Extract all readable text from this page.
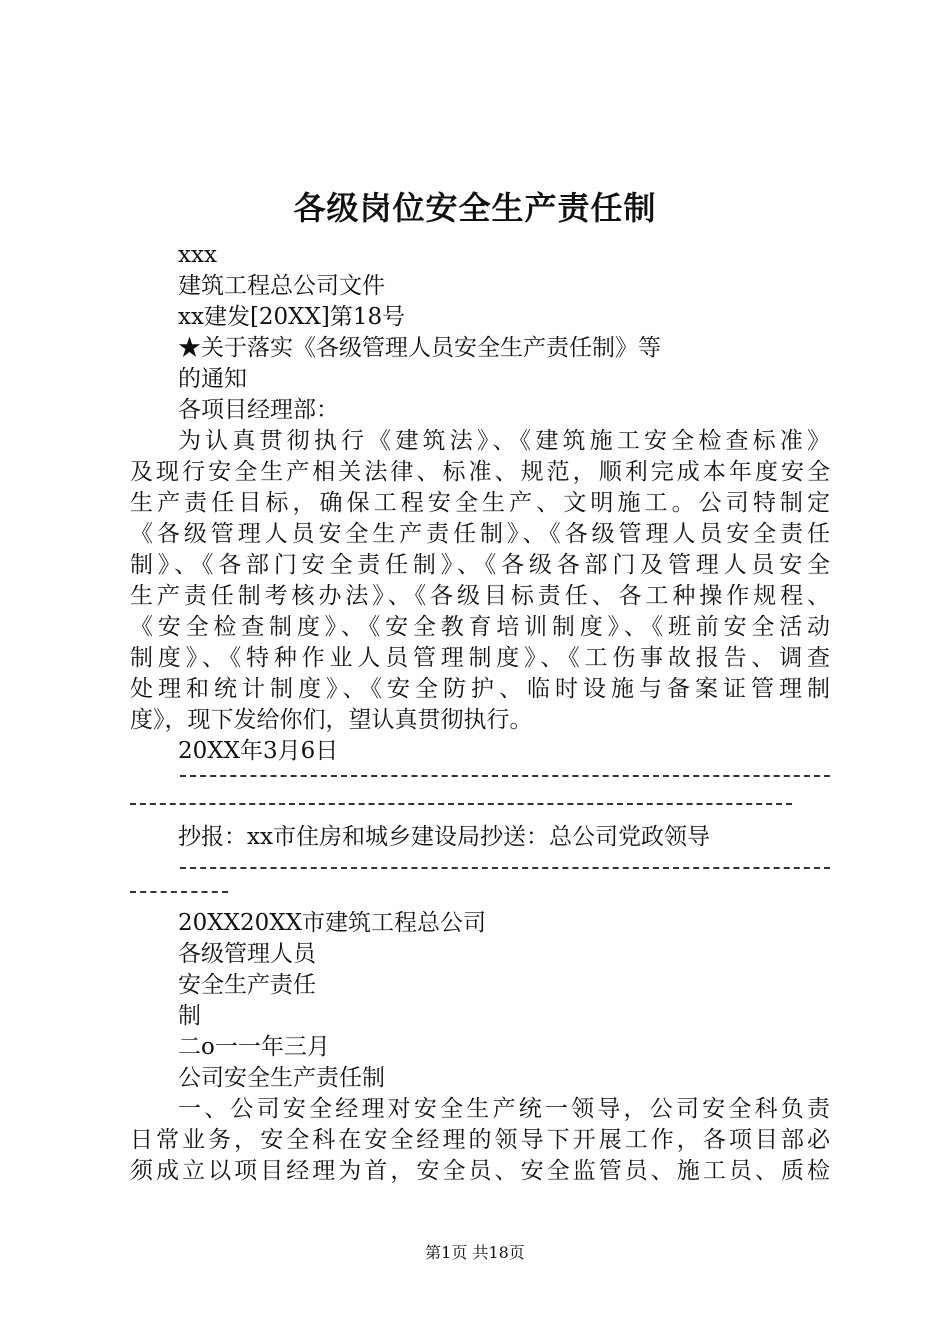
各级岗位安全生产责任制
xxx
建筑工程总公司文件
xx建发[20XX]第18号
★关于落实《各级管理人员安全生产责任制》等
的通知
各项目经理部：
为认真贯彻执行《建筑法》、《建筑施工安全检查标准》
及现行安全生产相关法律、标准、规范，顺利完成本年度安全
生产责任目标，确保工程安全生产、文明施工。公司特制定
《各级管理人员安全生产责任制》、《各级管理人员安全责任
制》、《各部门安全责任制》、《各级各部门及管理人员安全
生产责任制考核办法》、《各级目标责任、各工种操作规程、
《安全检查制度》、《安全教育培训制度》、《班前安全活动
制度》、《特种作业人员管理制度》、《工伤事故报告、调查
处理和统计制度》、《安全防护、临时设施与备案证管理制
度》，现下发给你们，望认真贯彻执行。
20XX年3月6日
抄报：xx市住房和城乡建设局抄送：总公司党政领导
20XX20XX市建筑工程总公司
各级管理人员
安全生产责任
制
二o一一年三月
公司安全生产责任制
一、公司安全经理对安全生产统一领导，公司安全科负责
日常业务，安全科在安全经理的领导下开展工作，各项目部必
须成立以项目经理为首，安全员、安全监管员、施工员、质检
第1页 共18页
